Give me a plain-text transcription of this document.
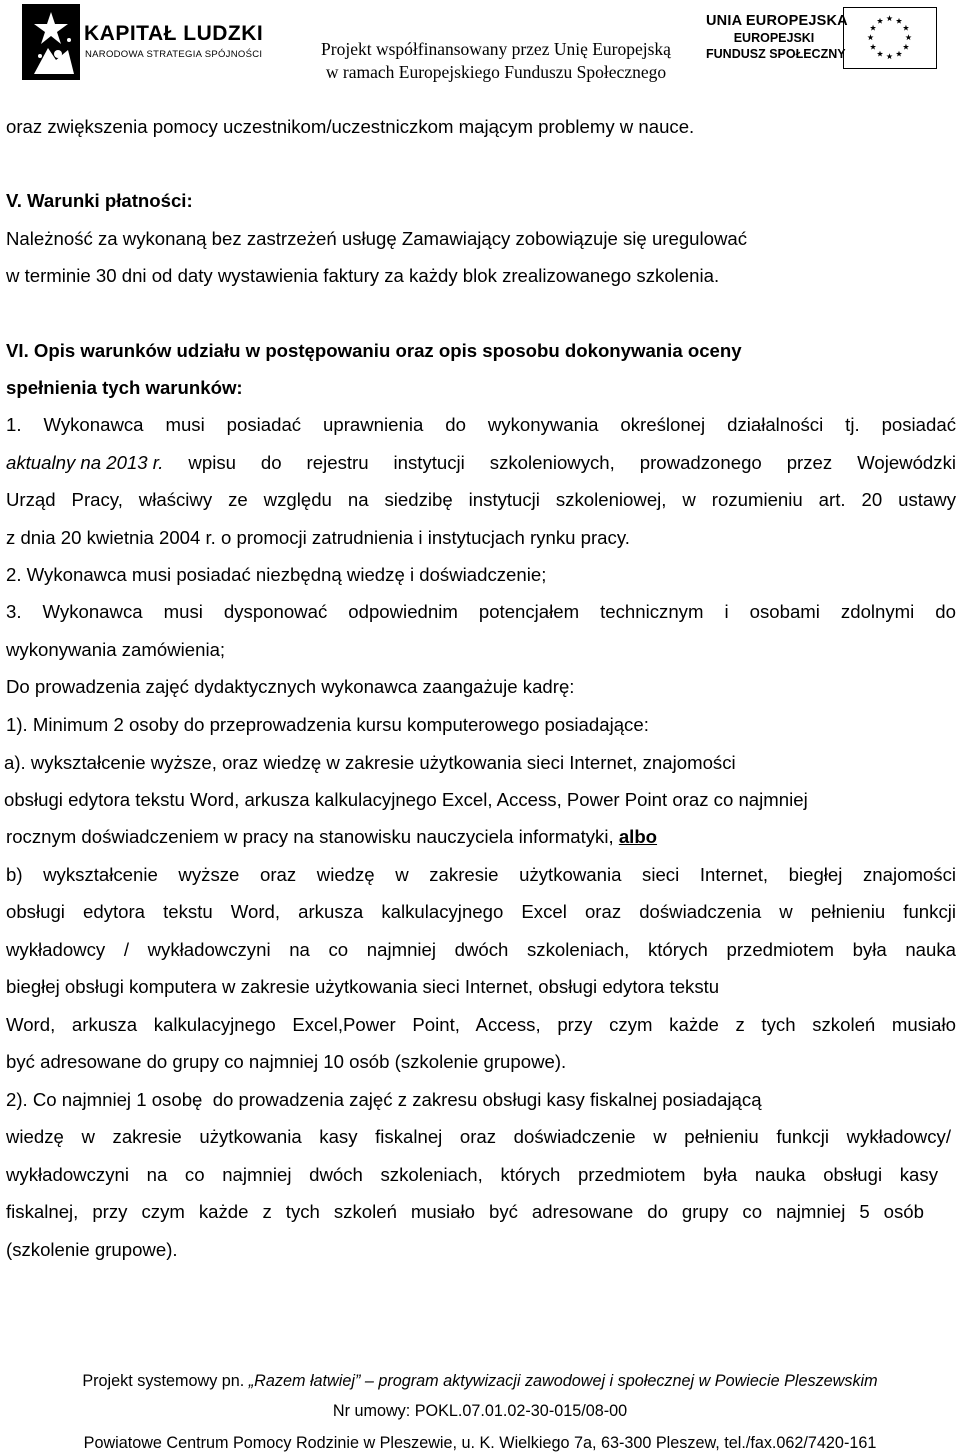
KAPITAŁ LUDZKI
NARODOWA STRATEGIA SPÓJNOŚCI	Projekt współfinansowany przez Unię Europejską
w ramach Europejskiego Funduszu Społecznego
UNIA EUROPEJSKA
EUROPEJSKI
FUNDUSZ SPOŁECZNY
oraz zwiększenia pomocy uczestnikom/uczestniczkom mającym problemy w nauce.
V. Warunki płatności:
Należność za wykonaną bez zastrzeżeń usługę Zamawiający zobowiązuje się uregulować
w terminie 30 dni od daty wystawienia faktury za każdy blok zrealizowanego szkolenia.
VI. Opis warunków udziału w postępowaniu oraz opis sposobu dokonywania oceny
spełnienia tych warunków:
1. Wykonawca musi posiadać uprawnienia do wykonywania określonej działalności tj. posiadać
aktualny na 2013 r. wpisu do rejestru instytucji szkoleniowych, prowadzonego przez Wojewódzki
Urząd Pracy, właściwy ze względu na siedzibę instytucji szkoleniowej, w rozumieniu art. 20 ustawy
z dnia 20 kwietnia 2004 r. o promocji zatrudnienia i instytucjach rynku pracy.
2. Wykonawca musi posiadać niezbędną wiedzę i doświadczenie;
3. Wykonawca musi dysponować odpowiednim potencjałem technicznym i osobami zdolnymi do
wykonywania zamówienia;
Do prowadzenia zajęć dydaktycznych wykonawca zaangażuje kadrę:
1). Minimum 2 osoby do przeprowadzenia kursu komputerowego posiadające:
a). wykształcenie wyższe, oraz wiedzę w zakresie użytkowania sieci Internet, znajomości
obsługi edytora tekstu Word, arkusza kalkulacyjnego Excel, Access, Power Point oraz co najmniej
rocznym doświadczeniem w pracy na stanowisku nauczyciela informatyki, albo
b) wykształcenie wyższe oraz wiedzę w zakresie użytkowania sieci Internet, biegłej znajomości
obsługi edytora tekstu Word, arkusza kalkulacyjnego Excel oraz doświadczenia w pełnieniu funkcji
wykładowcy / wykładowczyni na co najmniej dwóch szkoleniach, których przedmiotem była nauka
biegłej obsługi komputera w zakresie użytkowania sieci Internet, obsługi edytora tekstu
Word, arkusza kalkulacyjnego Excel,Power Point, Access, przy czym każde z tych szkoleń musiało
być adresowane do grupy co najmniej 10 osób (szkolenie grupowe).
2). Co najmniej 1 osobę  do prowadzenia zajęć z zakresu obsługi kasy fiskalnej posiadającą
wiedzę w zakresie użytkowania kasy fiskalnej oraz doświadczenie w pełnieniu funkcji wykładowcy/
wykładowczyni na co najmniej dwóch szkoleniach, których przedmiotem była nauka obsługi kasy
fiskalnej, przy czym każde z tych szkoleń musiało być adresowane do grupy co najmniej 5 osób
(szkolenie grupowe).
Projekt systemowy pn. „Razem łatwiej” – program aktywizacji zawodowej i społecznej w Powiecie Pleszewskim
Nr umowy: POKL.07.01.02-30-015/08-00
Powiatowe Centrum Pomocy Rodzinie w Pleszewie, u. K. Wielkiego 7a, 63-300 Pleszew, tel./fax.062/7420-161
